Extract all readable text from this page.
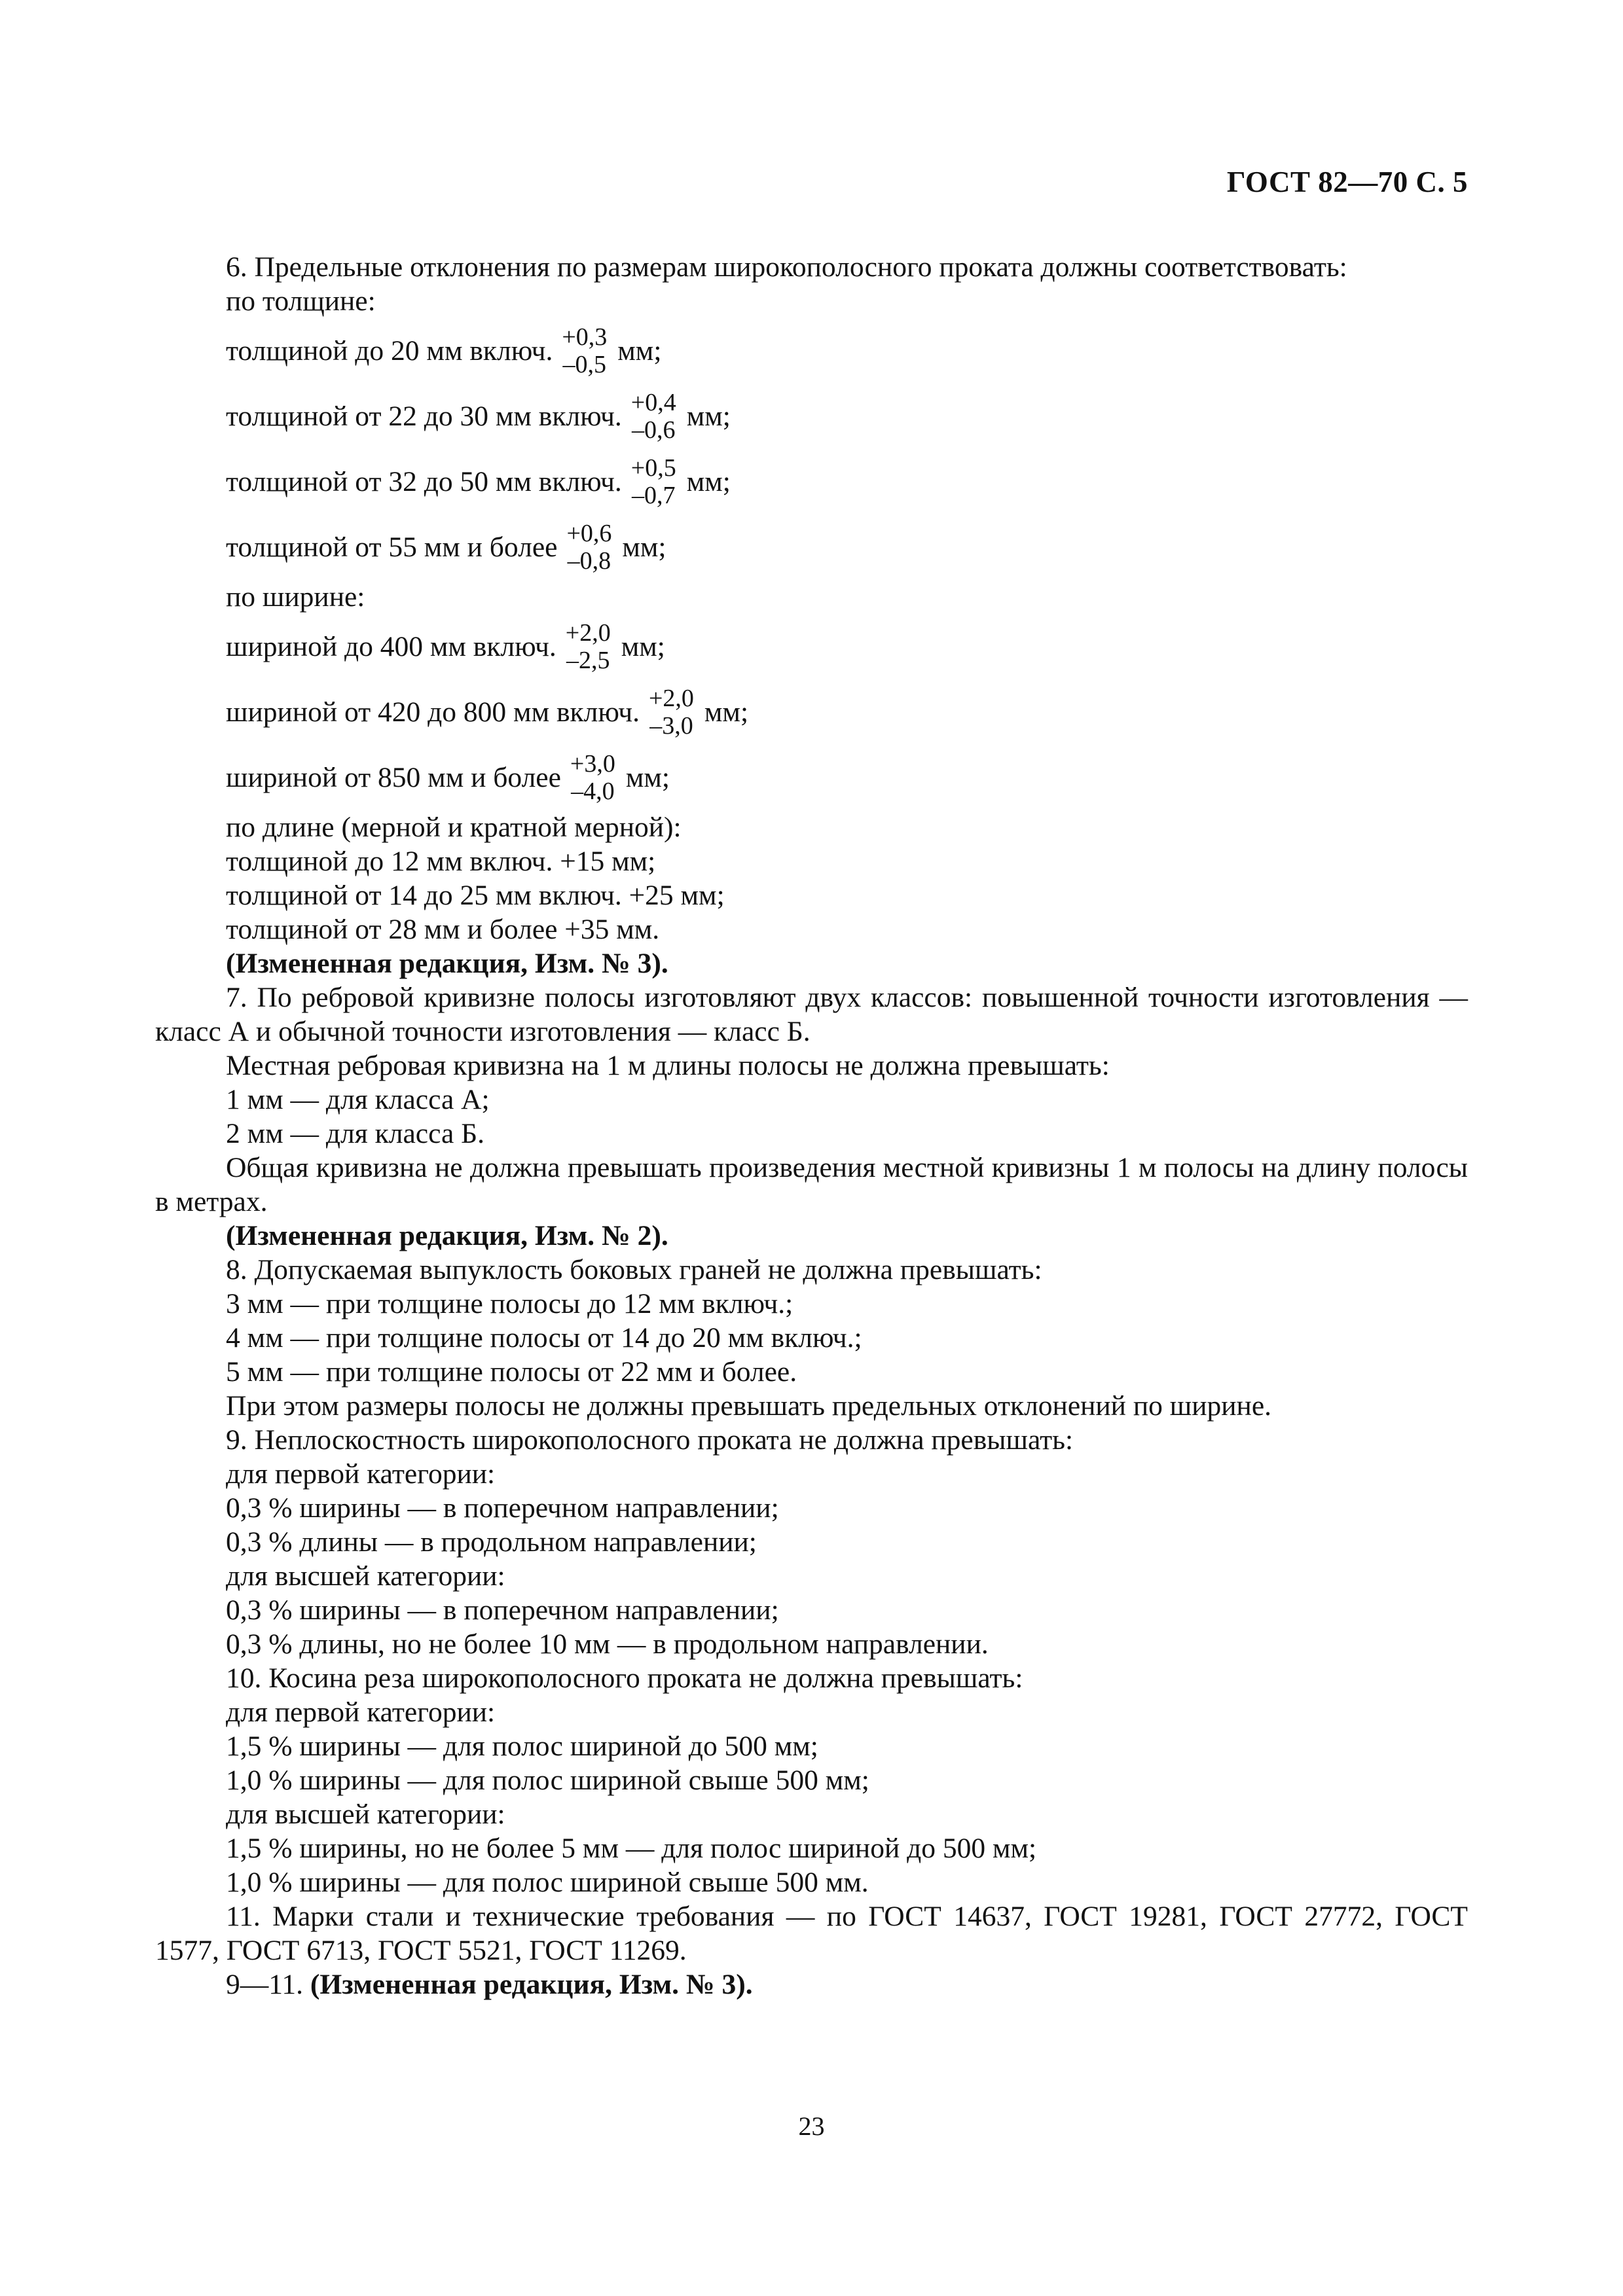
ГОСТ 82—70 С. 5

6. Предельные отклонения по размерам широкополосного проката должны соответствовать:

по толщине:

толщиной до 20 мм включ. +0,3
–0,5 мм;
толщиной от 22 до 30 мм включ. +0,4
–0,6 мм;
толщиной от 32 до 50 мм включ. +0,5
–0,7 мм;
толщиной от 55 мм и более +0,6
–0,8 мм;

по ширине:

шириной до 400 мм включ. +2,0
–2,5 мм;
шириной от 420 до 800 мм включ. +2,0
–3,0 мм;
шириной от 850 мм и более +3,0
–4,0 мм;

по длине (мерной и кратной мерной):

толщиной до 12 мм включ. +15 мм;

толщиной от 14 до 25 мм включ. +25 мм;

толщиной от 28 мм и более +35 мм.

(Измененная редакция, Изм. № 3).

7. По ребровой кривизне полосы изготовляют двух классов: повышенной точности изготовления — класс А и обычной точности изготовления — класс Б.

Местная ребровая кривизна на 1 м длины полосы не должна превышать:

1 мм — для класса А;

2 мм — для класса Б.

Общая кривизна не должна превышать произведения местной кривизны 1 м полосы на длину полосы в метрах.

(Измененная редакция, Изм. № 2).

8. Допускаемая выпуклость боковых граней не должна превышать:

3 мм — при толщине полосы до 12 мм включ.;

4 мм — при толщине полосы от 14 до 20 мм включ.;

5 мм — при толщине полосы от 22 мм и более.

При этом размеры полосы не должны превышать предельных отклонений по ширине.

9. Неплоскостность широкополосного проката не должна превышать:

для первой категории:

0,3 % ширины — в поперечном направлении;

0,3 % длины — в продольном направлении;

для высшей категории:

0,3 % ширины — в поперечном направлении;

0,3 % длины, но не более 10 мм — в продольном направлении.

10. Косина реза широкополосного проката не должна превышать:

для первой категории:

1,5 % ширины — для полос шириной до 500 мм;

1,0 % ширины — для полос шириной свыше 500 мм;

для высшей категории:

1,5 % ширины, но не более 5 мм — для полос шириной до 500 мм;

1,0 % ширины — для полос шириной свыше 500 мм.

11. Марки стали и технические требования — по ГОСТ 14637, ГОСТ 19281, ГОСТ 27772, ГОСТ 1577, ГОСТ 6713, ГОСТ 5521, ГОСТ 11269.

9—11. (Измененная редакция, Изм. № 3).

23
